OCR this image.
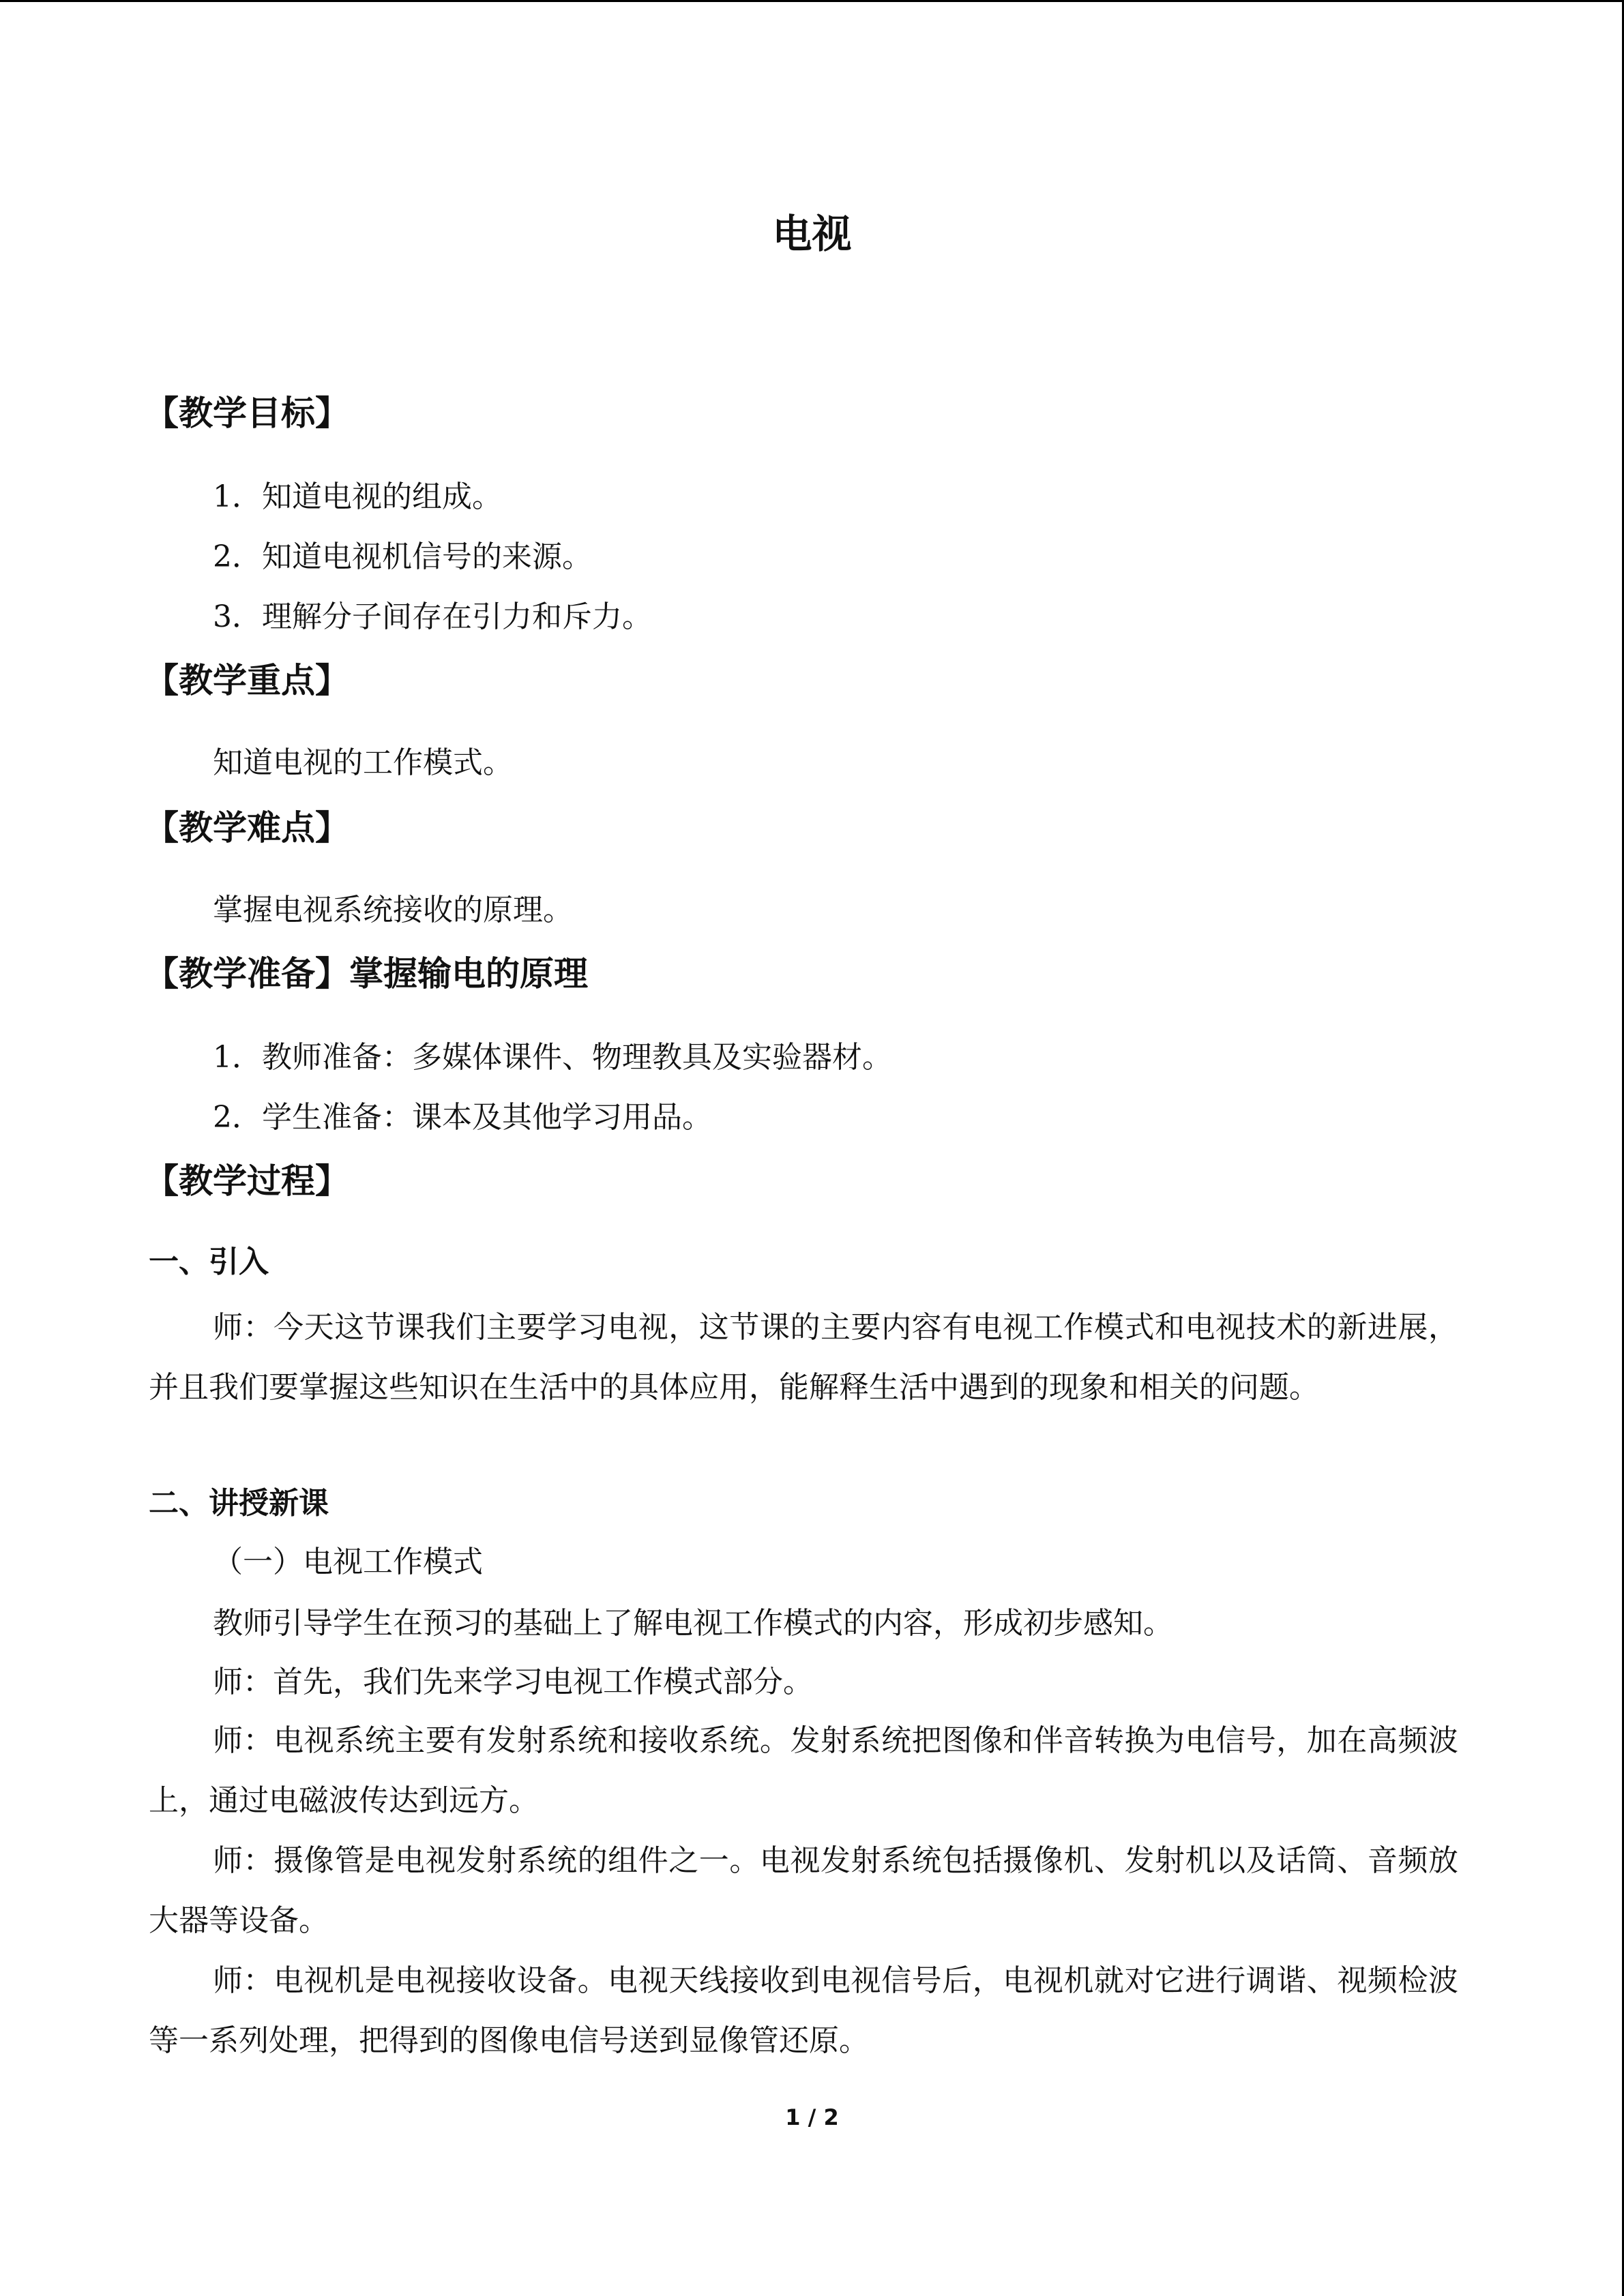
电视
【教学目标】

1．知道电视的组成。

2．知道电视机信号的来源。

3．理解分子间存在引力和斥力。

【教学重点】

知道电视的工作模式。

【教学难点】

掌握电视系统接收的原理。

【教学准备】掌握输电的原理

1．教师准备：多媒体课件、物理教具及实验器材。

2．学生准备：课本及其他学习用品。

【教学过程】
一、引入

师：今天这节课我们主要学习电视，这节课的主要内容有电视工作模式和电视技术的新进展，并且我们要掌握这些知识在生活中的具体应用，能解释生活中遇到的现象和相关的问题。

二、讲授新课

（一）电视工作模式

教师引导学生在预习的基础上了解电视工作模式的内容，形成初步感知。

师：首先，我们先来学习电视工作模式部分。

师：电视系统主要有发射系统和接收系统。发射系统把图像和伴音转换为电信号，加在高频波上，通过电磁波传达到远方。

师：摄像管是电视发射系统的组件之一。电视发射系统包括摄像机、发射机以及话筒、音频放大器等设备。

师：电视机是电视接收设备。电视天线接收到电视信号后，电视机就对它进行调谐、视频检波等一系列处理，把得到的图像电信号送到显像管还原。

1 / 2
